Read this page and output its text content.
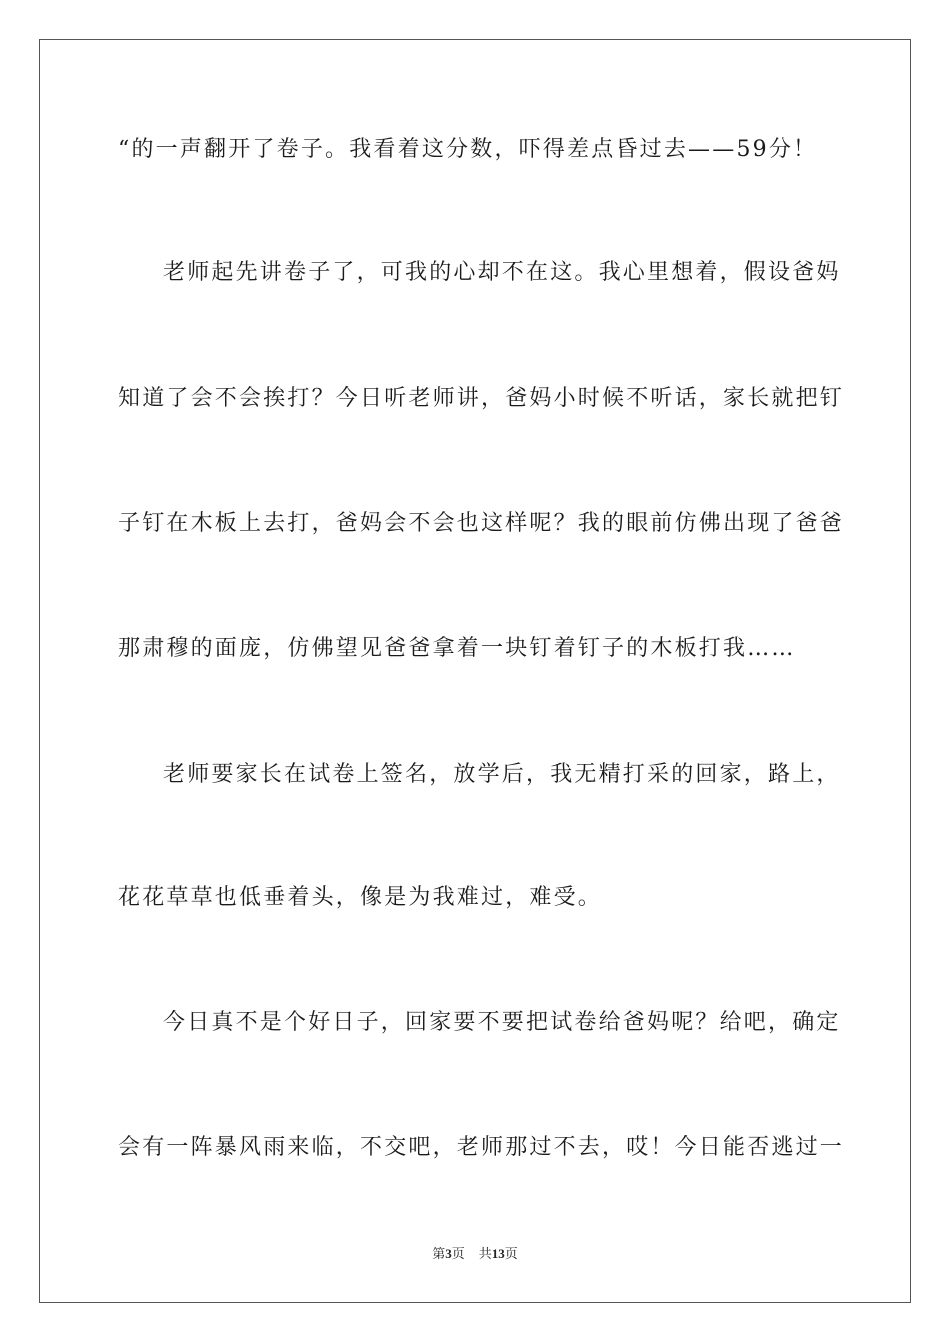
“的一声翻开了卷子。我看着这分数，吓得差点昏过去——59分！
老师起先讲卷子了，可我的心却不在这。我心里想着，假设爸妈
知道了会不会挨打？今日听老师讲，爸妈小时候不听话，家长就把钉
子钉在木板上去打，爸妈会不会也这样呢？我的眼前仿佛出现了爸爸
那肃穆的面庞，仿佛望见爸爸拿着一块钉着钉子的木板打我……
老师要家长在试卷上签名，放学后，我无精打采的回家，路上，
花花草草也低垂着头，像是为我难过，难受。
今日真不是个好日子，回家要不要把试卷给爸妈呢？给吧，确定
会有一阵暴风雨来临，不交吧，老师那过不去，哎！今日能否逃过一
第3页 共13页
